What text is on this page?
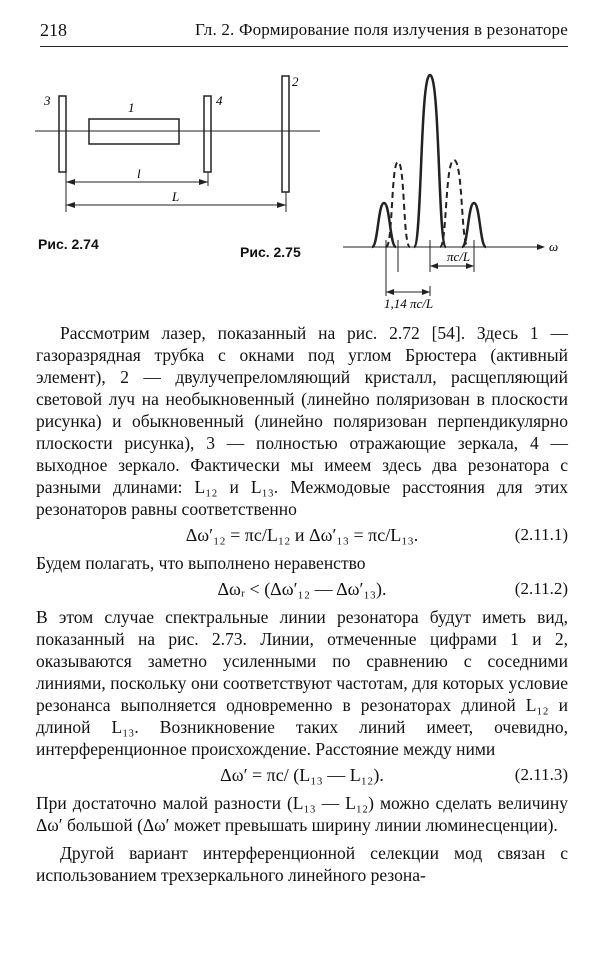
218	Гл. 2. Формирование поля излучения в резонаторе
3	1	4
2
l
L
ω
πc/L
1,14 πc/L
Рис. 2.74	Рис. 2.75

Рассмотрим лазер, показанный на рис. 2.72 [54]. Здесь 1 — газоразрядная трубка с окнами под углом Брюстера (активный элемент), 2 — двулучепреломляющий кристалл, расщепляющий световой луч на необыкновенный (линейно поляризован в плоскости рисунка) и обыкновенный (линейно поляризован перпендикулярно плоскости рисунка), 3 — полностью отражающие зеркала, 4 — выходное зеркало. Фактически мы имеем здесь два резонатора с разными длинами: L₁₂ и L₁₃. Межмодовые расстояния для этих резонаторов равны соответственно

Δω′₁₂ = πc/L₁₂ и Δω′₁₃ = πc/L₁₃.	(2.11.1)

Будем полагать, что выполнено неравенство

Δωᵣ < (Δω′₁₂ — Δω′₁₃).	(2.11.2)

В этом случае спектральные линии резонатора будут иметь вид, показанный на рис. 2.73. Линии, отмеченные цифрами 1 и 2, оказываются заметно усиленными по сравнению с соседними линиями, поскольку они соответствуют частотам, для которых условие резонанса выполняется одновременно в резонаторах длиной L₁₂ и длиной L₁₃. Возникновение таких линий имеет, очевидно, интерференционное происхождение. Расстояние между ними

Δω′ = πc/ (L₁₃ — L₁₂).	(2.11.3)

При достаточно малой разности (L₁₃ — L₁₂) можно сделать величину Δω′ большой (Δω′ может превышать ширину линии люминесценции).

Другой вариант интерференционной селекции мод связан с использованием трехзеркального линейного резона-
